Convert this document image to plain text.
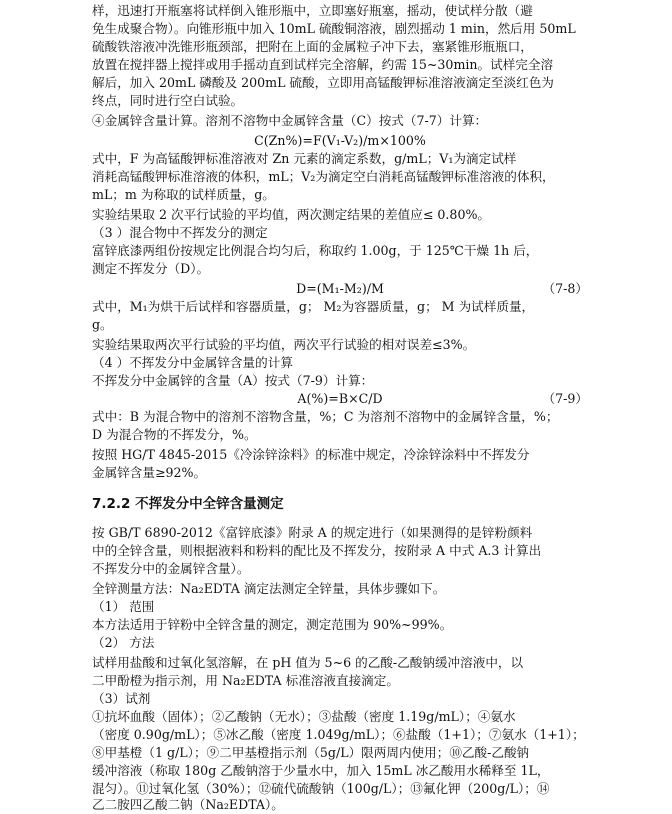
样，迅速打开瓶塞将试样倒入锥形瓶中，立即塞好瓶塞，摇动，使试样分散（避
免生成聚合物）。向锥形瓶中加入 10mL 硫酸铜溶液，剧烈摇动 1 min，然后用 50mL
硫酸铁溶液冲洗锥形瓶颈部，把附在上面的金属粒子冲下去，塞紧锥形瓶瓶口，
放置在搅拌器上搅拌或用手摇动直到试样完全溶解，约需 15~30min。试样完全溶
解后，加入 20mL 磷酸及 200mL 硫酸，立即用高锰酸钾标准溶液滴定至淡红色为
终点，同时进行空白试验。
④金属锌含量计算。溶剂不溶物中金属锌含量（C）按式（7-7）计算：
C(Zn%)=F(V₁-V₂)/m×100%
式中，F 为高锰酸钾标准溶液对 Zn 元素的滴定系数，g/mL；V₁为滴定试样
消耗高锰酸钾标准溶液的体积，mL；V₂为滴定空白消耗高锰酸钾标准溶液的体积，
mL；m 为称取的试样质量，g。
实验结果取 2 次平行试验的平均值，两次测定结果的差值应≤ 0.80%。
（3 ）混合物中不挥发分的测定
富锌底漆两组份按规定比例混合均匀后，称取约 1.00g，于 125℃干燥 1h 后，
测定不挥发分（D）。
D=(M₁-M₂)/M	（7-8）
式中，M₁为烘干后试样和容器质量，g； M₂为容器质量，g； M 为试样质量，
g。
实验结果取两次平行试验的平均值，两次平行试验的相对误差≤3%。
（4 ）不挥发分中金属锌含量的计算
不挥发分中金属锌的含量（A）按式（7-9）计算：
A(%)=B×C/D	（7-9）
式中：B 为混合物中的溶剂不溶物含量，%；C 为溶剂不溶物中的金属锌含量，%；
D 为混合物的不挥发分，%。
按照 HG/T 4845-2015《冷涂锌涂料》的标准中规定，冷涂锌涂料中不挥发分
金属锌含量≥92%。
7.2.2 不挥发分中全锌含量测定
按 GB/T 6890-2012《富锌底漆》附录 A 的规定进行（如果测得的是锌粉颜料
中的全锌含量，则根据液料和粉料的配比及不挥发分，按附录 A 中式 A.3 计算出
不挥发分中的金属锌含量）。
全锌测量方法：Na₂EDTA 滴定法测定全锌量，具体步骤如下。
（1） 范围
本方法适用于锌粉中全锌含量的测定，测定范围为 90%~99%。
（2） 方法
试样用盐酸和过氧化氢溶解，在 pH 值为 5~6 的乙酸-乙酸钠缓冲溶液中，以
二甲酚橙为指示剂，用 Na₂EDTA 标准溶液直接滴定。
（3）试剂
①抗坏血酸（固体）；②乙酸钠（无水）；③盐酸（密度 1.19g/mL）；④氨水
（密度 0.90g/mL）；⑤冰乙酸（密度 1.049g/mL）；⑥盐酸（1+1）；⑦氨水（1+1）；
⑧甲基橙（1 g/L）；⑨二甲基橙指示剂（5g/L）限两周内使用；⑩乙酸-乙酸钠
缓冲溶液（称取 180g 乙酸钠溶于少量水中，加入 15mL 冰乙酸用水稀释至 1L，
混匀）。⑪过氧化氢（30%）；⑫硫代硫酸钠（100g/L）；⑬氟化钾（200g/L）；⑭
乙二胺四乙酸二钠（Na₂EDTA）。
